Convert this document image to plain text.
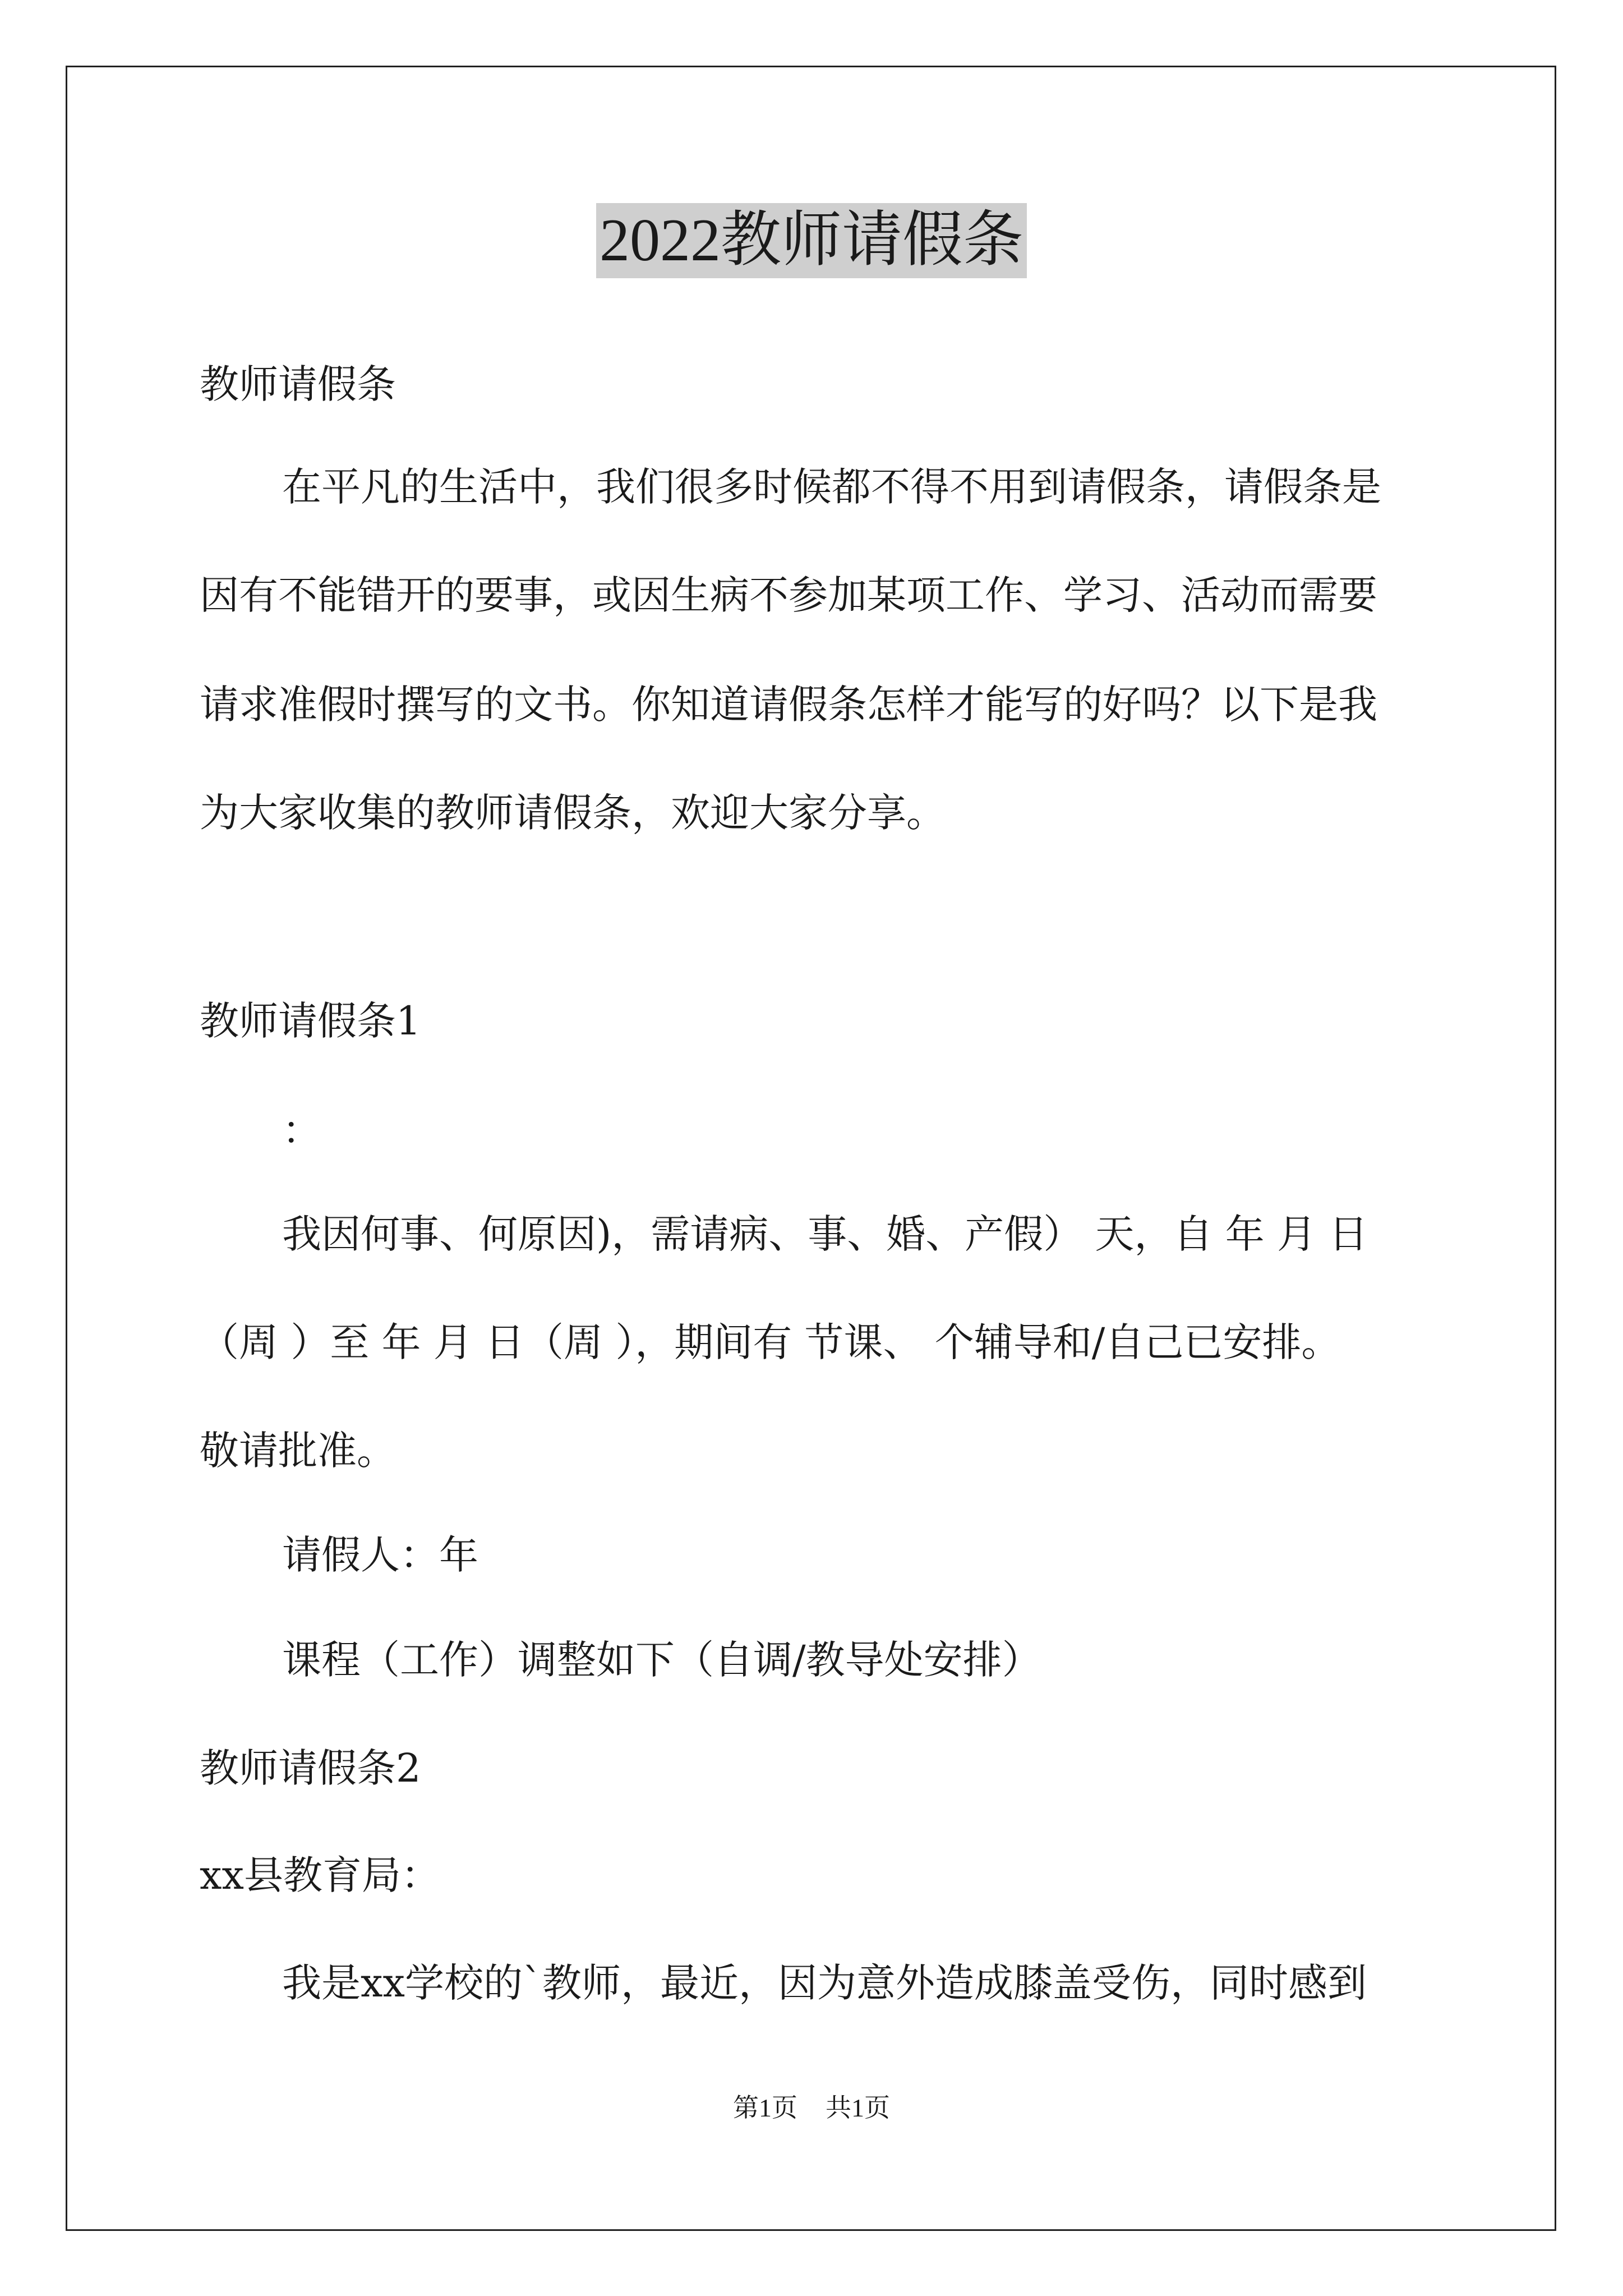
2022教师请假条
教师请假条
在平凡的生活中，我们很多时候都不得不用到请假条，请假条是
因有不能错开的要事，或因生病不参加某项工作、学习、活动而需要
请求准假时撰写的文书。你知道请假条怎样才能写的好吗？以下是我
为大家收集的教师请假条，欢迎大家分享。
教师请假条1
：
我因何事、何原因)，需请病、事、婚、产假） 天，自 年 月 日
（周 ）至 年 月 日（周 ），期间有 节课、 个辅导和/自己已安排。
敬请批准。
请假人：年
课程（工作）调整如下（自调/教导处安排）
教师请假条2
xx县教育局：
我是xx学校的`教师，最近，因为意外造成膝盖受伤，同时感到
第1页 共1页
